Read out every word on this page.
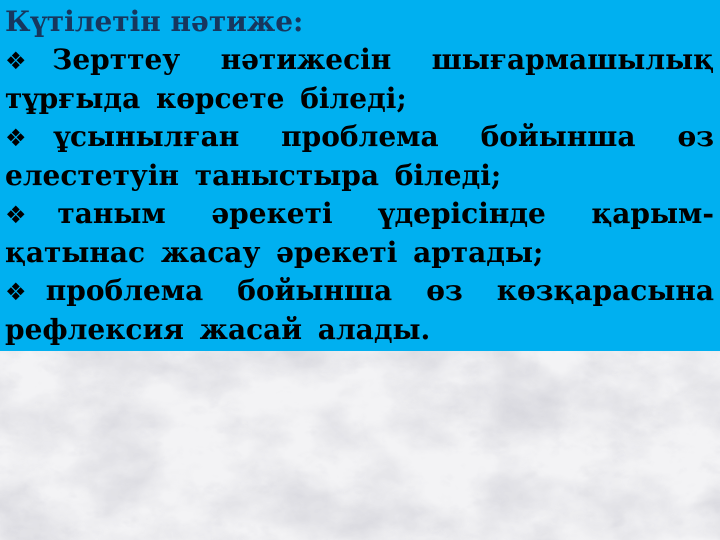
Күтілетін нәтиже:
❖Зерттеу нәтижесін шығармашылық тұрғыда көрсете біледі;
❖ұсынылған проблема бойынша өз елестетуін таныстыра біледі;
❖таным әрекеті үдерісінде қарым-қатынас жасау әрекеті артады;
❖проблема бойынша өз көзқарасына рефлексия жасай алады.
